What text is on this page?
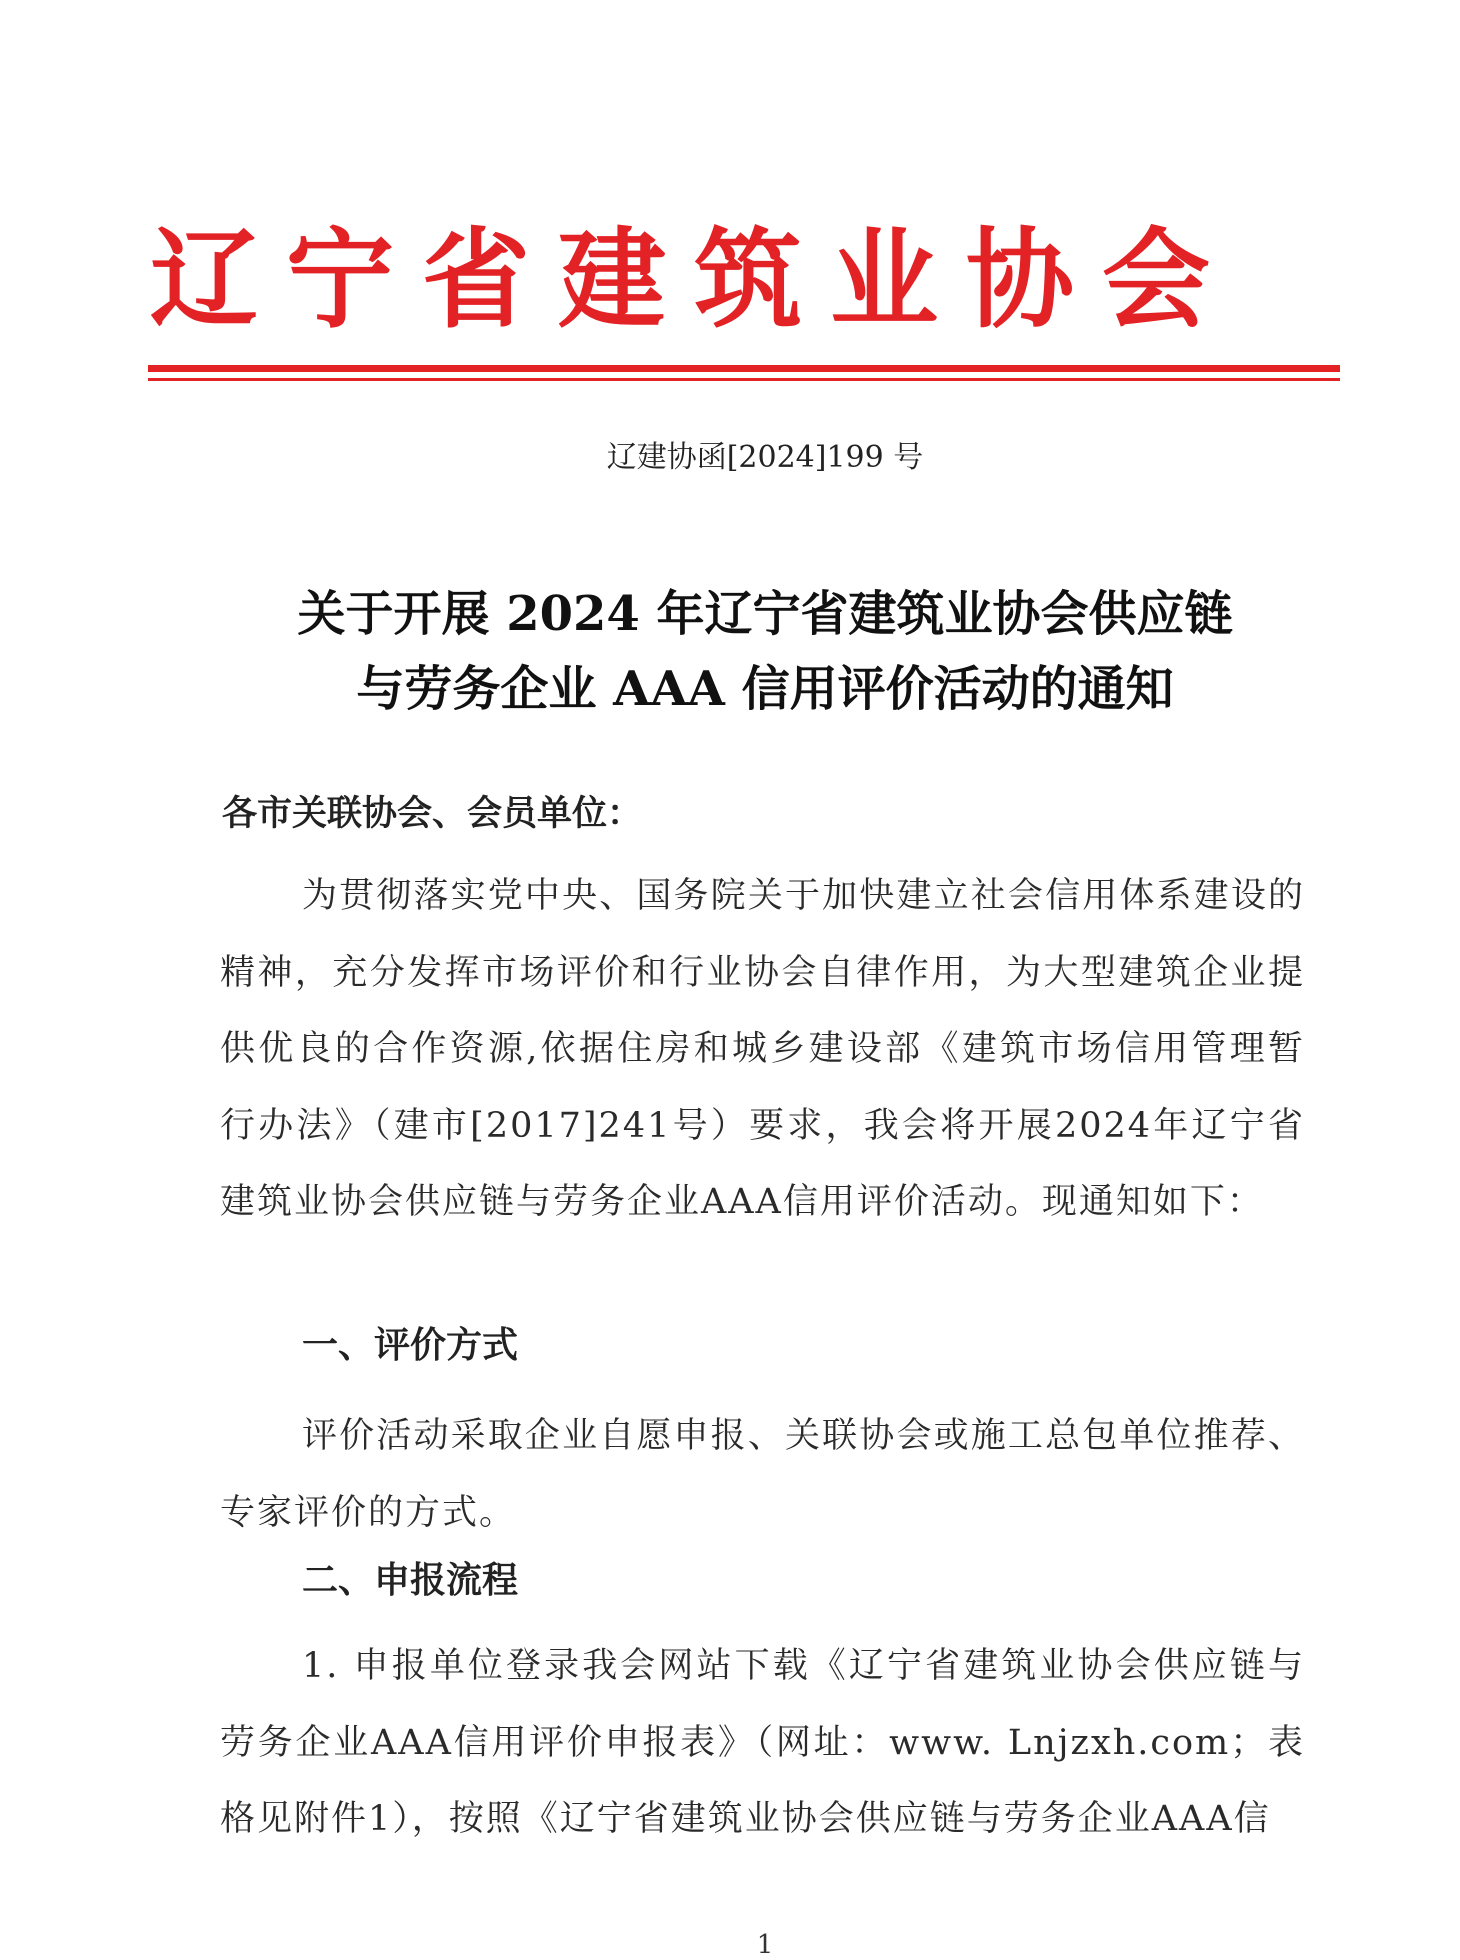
辽宁省建筑业协会
辽建协函[2024]199 号
关于开展 2024 年辽宁省建筑业协会供应链
与劳务企业 AAA 信用评价活动的通知
各市关联协会、会员单位：
为贯彻落实党中央、国务院关于加快建立社会信用体系建设的精神，充分发挥市场评价和行业协会自律作用，为大型建筑企业提供优良的合作资源,依据住房和城乡建设部《建筑市场信用管理暂行办法》（建市[2017]241号）要求，我会将开展2024年辽宁省建筑业协会供应链与劳务企业AAA信用评价活动。现通知如下：
一、评价方式
评价活动采取企业自愿申报、关联协会或施工总包单位推荐、专家评价的方式。
二、申报流程
1. 申报单位登录我会网站下载《辽宁省建筑业协会供应链与劳务企业AAA信用评价申报表》（网址：www. Lnjzxh.com；表格见附件1），按照《辽宁省建筑业协会供应链与劳务企业AAA信
1
